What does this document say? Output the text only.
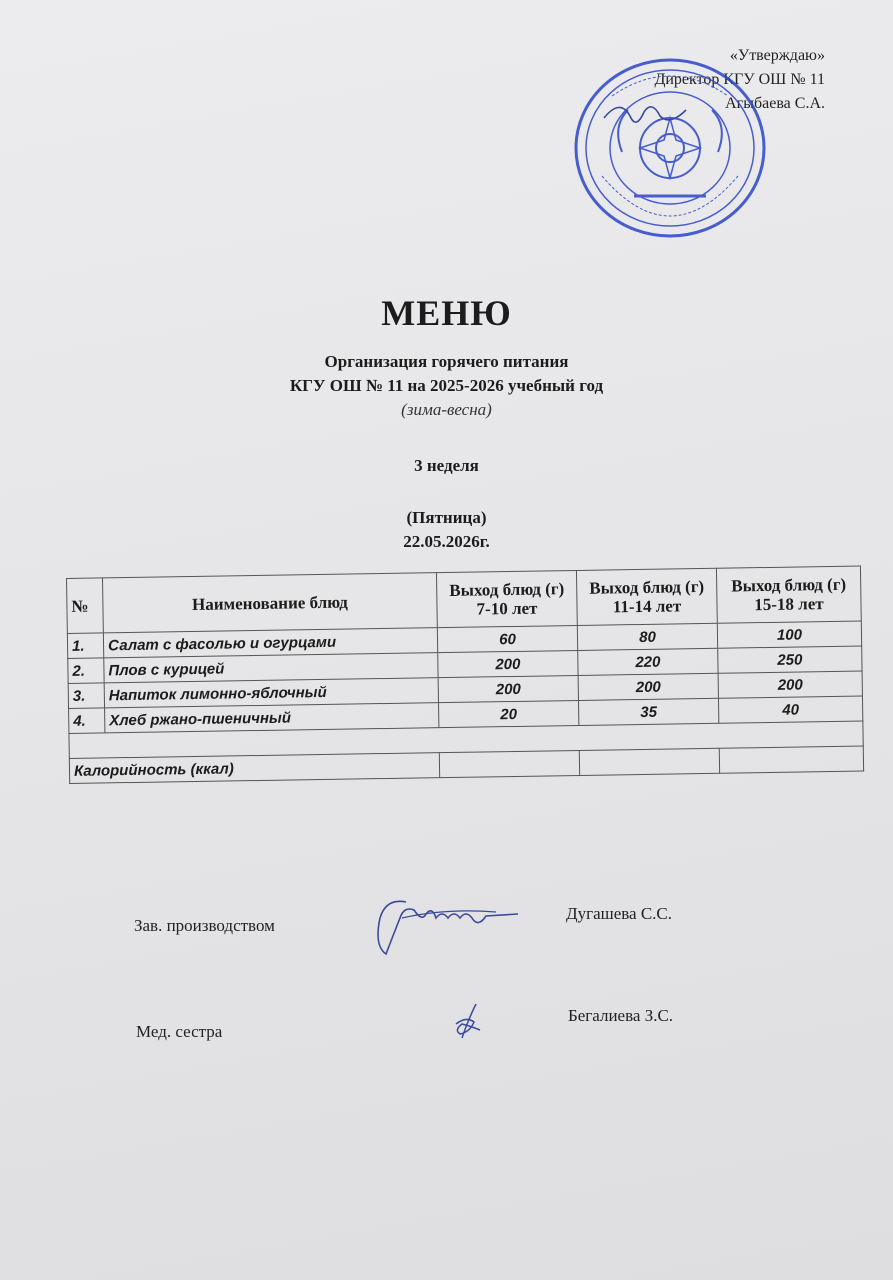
«Утверждаю»
Директор КГУ ОШ № 11
Агыбаева С.А.
МЕНЮ
Организация горячего питания
КГУ ОШ № 11 на 2025-2026 учебный год
(зима-весна)
3 неделя
(Пятница)
22.05.2026г.
№	Наименование блюд	Выход блюд (г) 7-10 лет	Выход блюд (г) 11-14 лет	Выход блюд (г) 15-18 лет
1.	Салат с фасолью и огурцами	60	80	100
2.	Плов с курицей	200	220	250
3.	Напиток лимонно-яблочный	200	200	200
4.	Хлеб ржано-пшеничный	20	35	40

Калорийность (ккал)				
Зав. производством
Дугашева С.С.
Мед. сестра
Бегалиева З.С.
